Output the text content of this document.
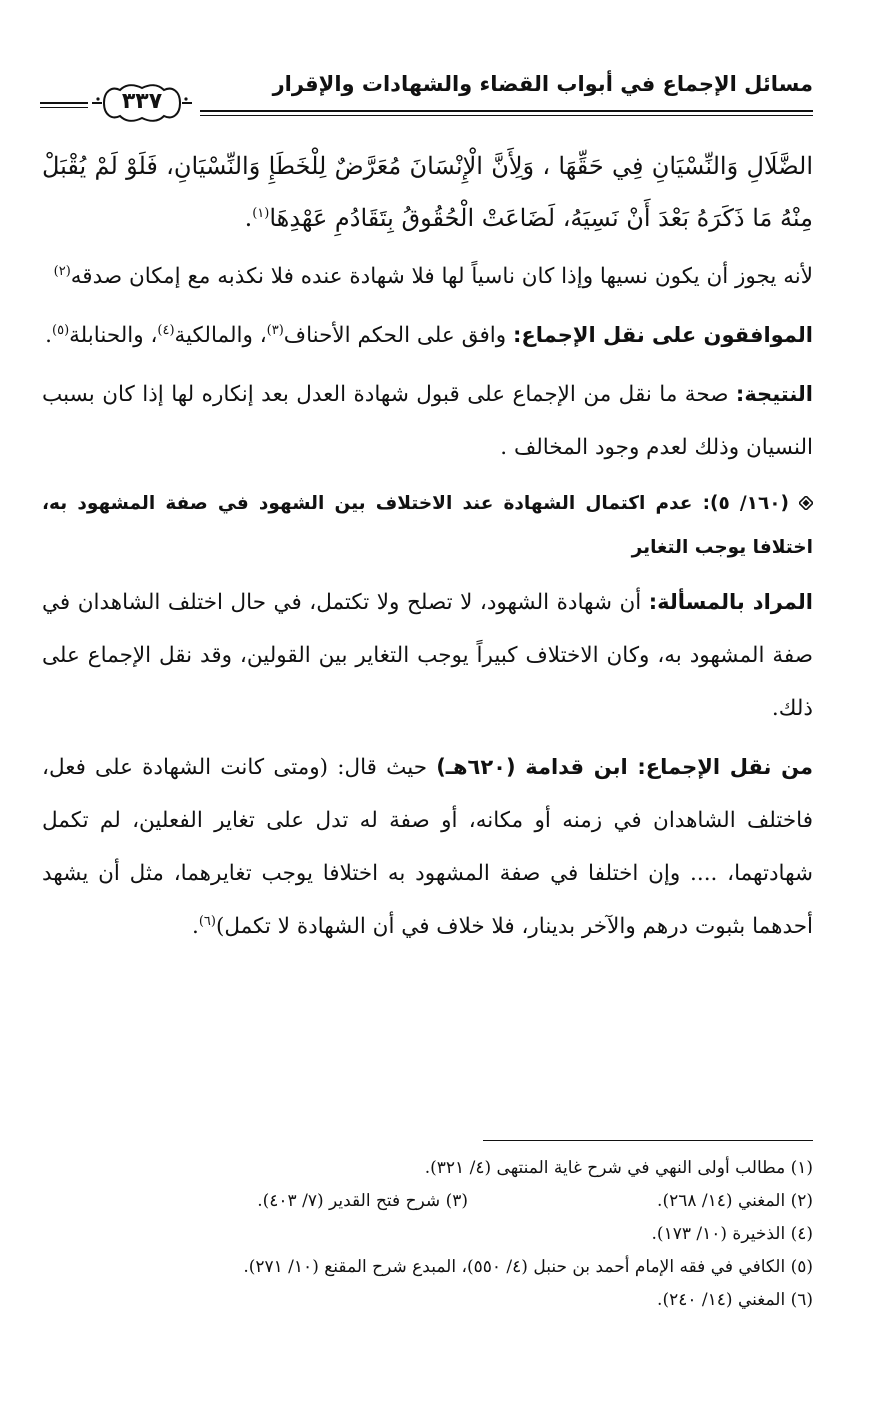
مسائل الإجماع في أبواب القضاء والشهادات والإقرار
٣٣٧

الضَّلَالِ وَالنِّسْيَانِ فِي حَقِّهَا ، وَلِأَنَّ الْإِنْسَانَ مُعَرَّضٌ لِلْخَطَإِ وَالنِّسْيَانِ، فَلَوْ لَمْ يُقْبَلْ مِنْهُ مَا ذَكَرَهُ بَعْدَ أَنْ نَسِيَهُ، لَضَاعَتْ الْحُقُوقُ بِتَقَادُمِ عَهْدِهَا$^{(١)}$.

لأنه يجوز أن يكون نسيها وإذا كان ناسياً لها فلا شهادة عنده فلا نكذبه مع إمكان صدقه$^{(٢)}$

الموافقون على نقل الإجماع: وافق على الحكم الأحناف$^{(٣)}$، والمالكية$^{(٤)}$، والحنابلة$^{(٥)}$.

النتيجة: صحة ما نقل من الإجماع على قبول شهادة العدل بعد إنكاره لها إذا كان بسبب النسيان وذلك لعدم وجود المخالف .

(١٦٠/ ٥): عدم اكتمال الشهادة عند الاختلاف بين الشهود في صفة المشهود به، اختلافا يوجب التغاير

المراد بالمسألة: أن شهادة الشهود، لا تصلح ولا تكتمل، في حال اختلف الشاهدان في صفة المشهود به، وكان الاختلاف كبيراً يوجب التغاير بين القولين، وقد نقل الإجماع على ذلك.

من نقل الإجماع: ابن قدامة (٦٢٠هـ) حيث قال: (ومتى كانت الشهادة على فعل، فاختلف الشاهدان في زمنه أو مكانه، أو صفة له تدل على تغاير الفعلين، لم تكمل شهادتهما، .... وإن اختلفا في صفة المشهود به اختلافا يوجب تغايرهما، مثل أن يشهد أحدهما بثبوت درهم والآخر بدينار، فلا خلاف في أن الشهادة لا تكمل)$^{(٦)}$.

(١) مطالب أولى النهي في شرح غاية المنتهى (٤/ ٣٢١).
(٢) المغني (١٤/ ٢٦٨).
(٣) شرح فتح القدير (٧/ ٤٠٣).
(٤) الذخيرة (١٠/ ١٧٣).
(٥) الكافي في فقه الإمام أحمد بن حنبل (٤/ ٥٥٠)، المبدع شرح المقنع (١٠/ ٢٧١).
(٦) المغني (١٤/ ٢٤٠).
